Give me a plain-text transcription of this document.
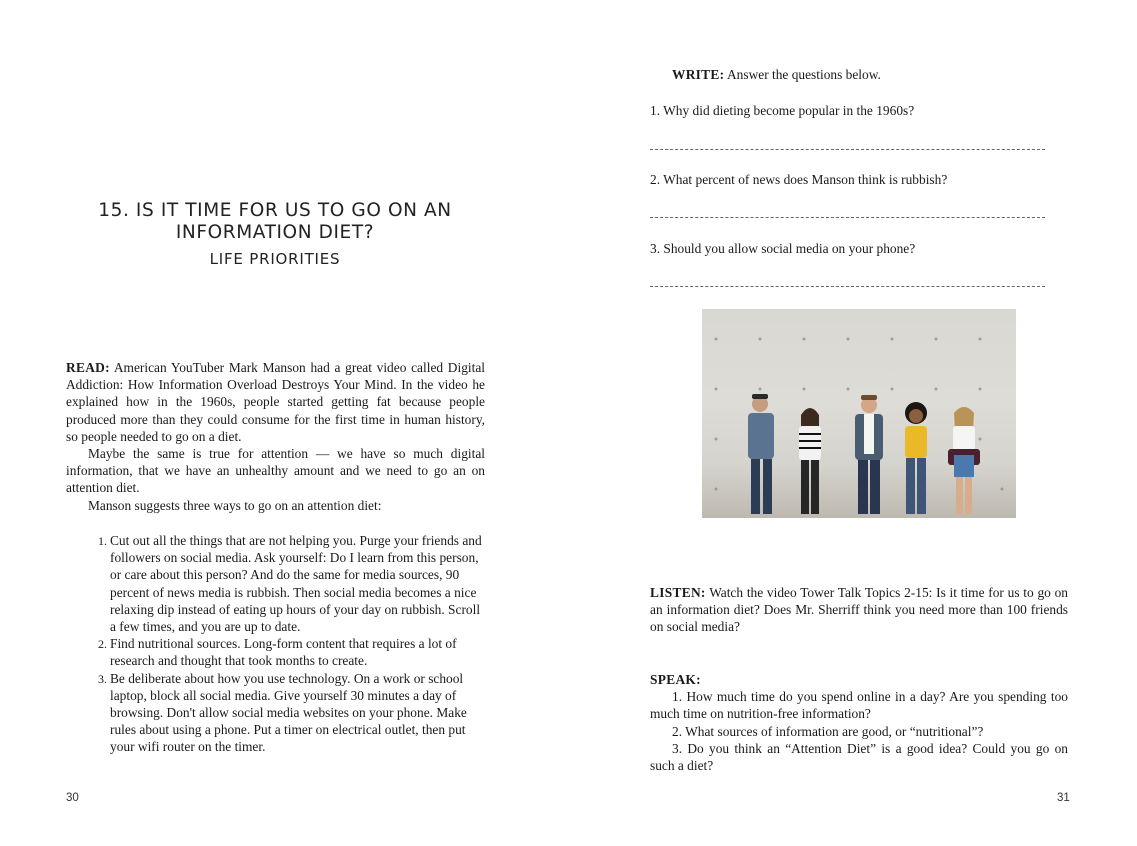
15. IS IT TIME FOR US TO GO ON AN
INFORMATION DIET?
LIFE PRIORITIES

READ: American YouTuber Mark Manson had a great video called Digital Addiction: How Information Overload Destroys Your Mind. In the video he explained how in the 1960s, people started getting fat because people produced more than they could consume for the first time in human history, so people needed to go on a diet.

Maybe the same is true for attention — we have so much digital information, that we have an unhealthy amount and we need to go an on attention diet.

Manson suggests three ways to go on an attention diet:

1. Cut out all the things that are not helping you. Purge your friends and followers on social media. Ask yourself: Do I learn from this person, or care about this person? And do the same for media sources, 90 percent of news media is rubbish. Then social media becomes a nice relaxing dip instead of eating up hours of your day on rubbish. Scroll a few times, and you are up to date.
2. Find nutritional sources. Long-form content that requires a lot of research and thought that took months to create.
3. Be deliberate about how you use technology. On a work or school laptop, block all social media. Give yourself 30 minutes a day of browsing. Don't allow social media websites on your phone. Make rules about using a phone. Put a timer on electrical outlet, then put your wifi router on the timer.
30
WRITE: Answer the questions below.
1. Why did dieting become popular in the 1960s?
2. What percent of news does Manson think is rubbish?
3. Should you allow social media on your phone?
LISTEN: Watch the video Tower Talk Topics 2-15: Is it time for us to go on an information diet? Does Mr. Sherriff think you need more than 100 friends on social media?
SPEAK:

1. How much time do you spend online in a day? Are you spending too much time on nutrition-free information?

2. What sources of information are good, or “nutritional”?

3. Do you think an “Attention Diet” is a good idea? Could you go on such a diet?

31
